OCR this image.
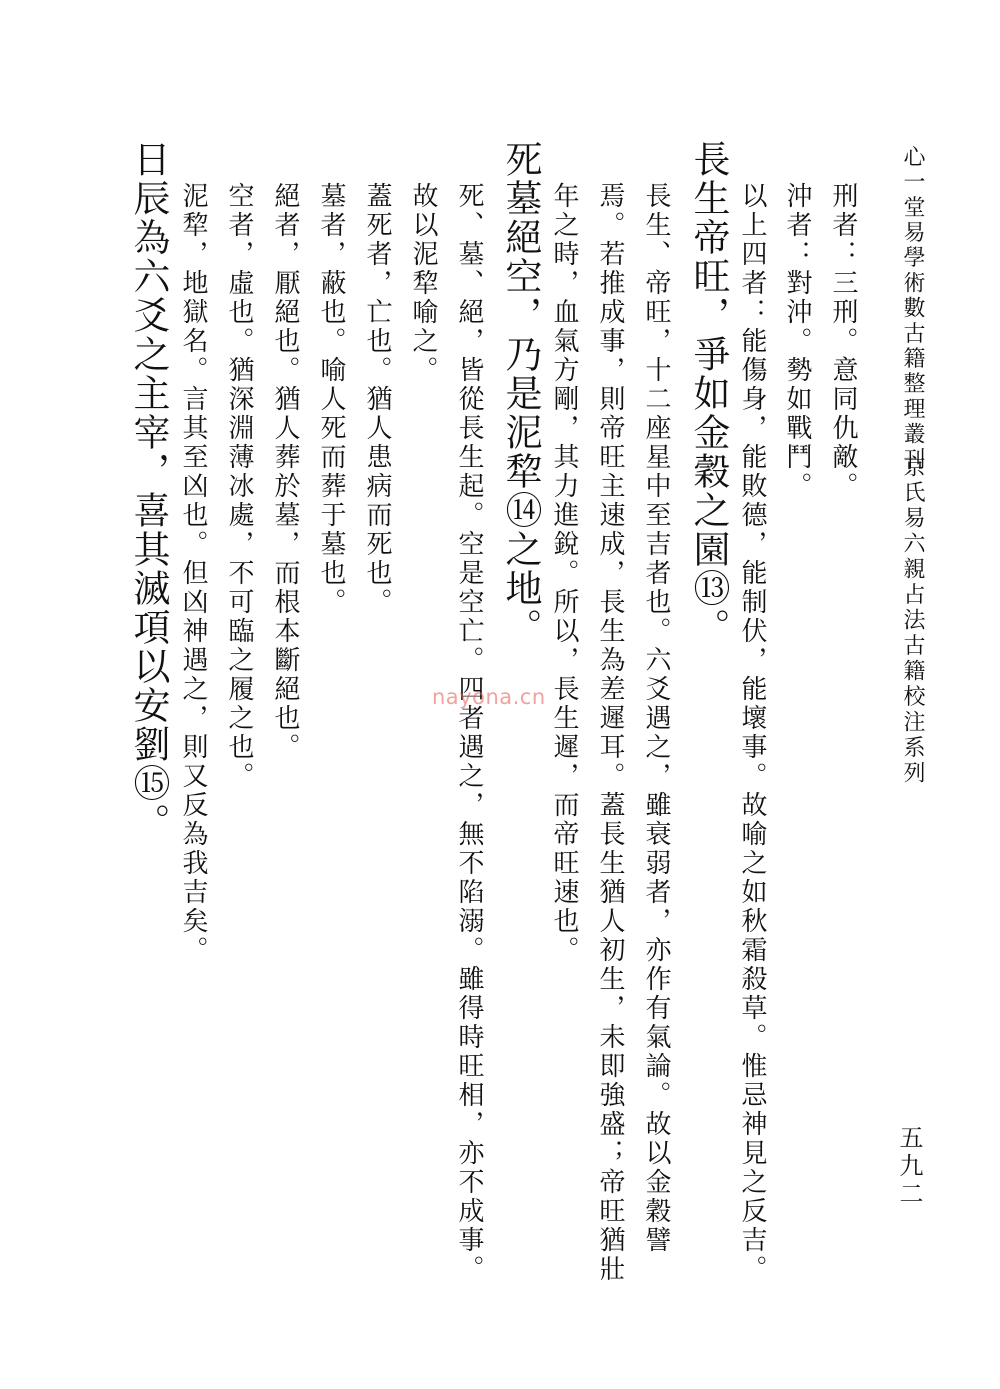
心一堂易學術數古籍整理叢刊
京氏易六親占法古籍校注系列
刑者：三刑。意同仇敵。
沖者：對沖。勢如戰鬥。
以上四者：能傷身，能敗德，能制伏，能壞事。故喻之如秋霜殺草。惟忌神見之反吉。
長生帝旺，爭如金穀之園⑬。
長生、帝旺，十二座星中至吉者也。六爻遇之，雖衰弱者，亦作有氣論。故以金穀譬
焉。若推成事，則帝旺主速成，長生為差遲耳。蓋長生猶人初生，未即強盛；帝旺猶壯
年之時，血氣方剛，其力進銳。所以，長生遲，而帝旺速也。
死墓絕空，乃是泥犂⑭之地。
死、墓、絕，皆從長生起。空是空亡。四者遇之，無不陷溺。雖得時旺相，亦不成事。
故以泥犂喻之。
蓋死者，亡也。猶人患病而死也。
墓者，蔽也。喻人死而葬于墓也。
絕者，厭絕也。猶人葬於墓，而根本斷絕也。
空者，虛也。猶深淵薄冰處，不可臨之履之也。
泥犂，地獄名。言其至凶也。但凶神遇之，則又反為我吉矣。
日辰為六爻之主宰，喜其滅項以安劉⑮。
五九二
nayona.cn
